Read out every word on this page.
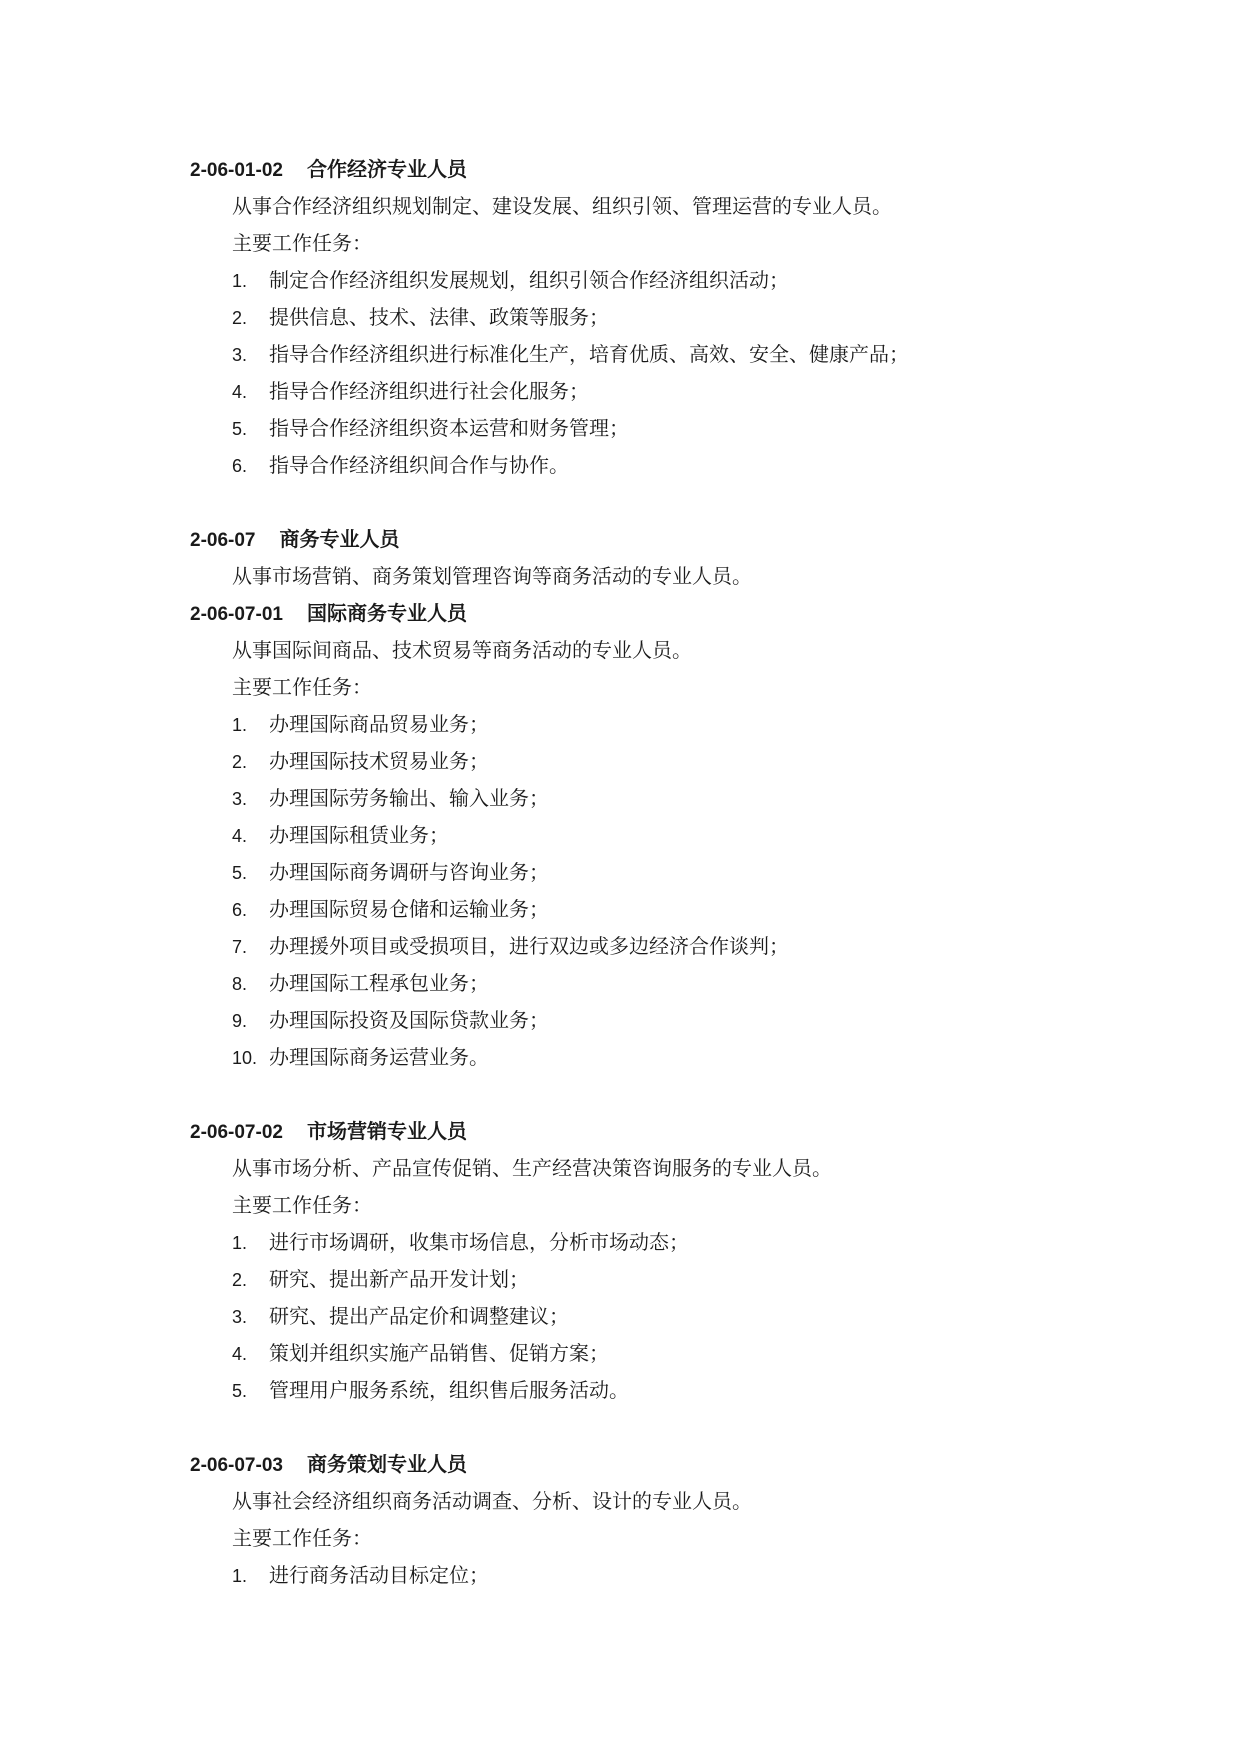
2-06-01-02 合作经济专业人员
从事合作经济组织规划制定、建设发展、组织引领、管理运营的专业人员。
主要工作任务：
1. 制定合作经济组织发展规划，组织引领合作经济组织活动；
2. 提供信息、技术、法律、政策等服务；
3. 指导合作经济组织进行标准化生产，培育优质、高效、安全、健康产品；
4. 指导合作经济组织进行社会化服务；
5. 指导合作经济组织资本运营和财务管理；
6. 指导合作经济组织间合作与协作。
2-06-07 商务专业人员
从事市场营销、商务策划管理咨询等商务活动的专业人员。
2-06-07-01 国际商务专业人员
从事国际间商品、技术贸易等商务活动的专业人员。
主要工作任务：
1. 办理国际商品贸易业务；
2. 办理国际技术贸易业务；
3. 办理国际劳务输出、输入业务；
4. 办理国际租赁业务；
5. 办理国际商务调研与咨询业务；
6. 办理国际贸易仓储和运输业务；
7. 办理援外项目或受损项目，进行双边或多边经济合作谈判；
8. 办理国际工程承包业务；
9. 办理国际投资及国际贷款业务；
10. 办理国际商务运营业务。
2-06-07-02 市场营销专业人员
从事市场分析、产品宣传促销、生产经营决策咨询服务的专业人员。
主要工作任务：
1. 进行市场调研，收集市场信息，分析市场动态；
2. 研究、提出新产品开发计划；
3. 研究、提出产品定价和调整建议；
4. 策划并组织实施产品销售、促销方案；
5. 管理用户服务系统，组织售后服务活动。
2-06-07-03 商务策划专业人员
从事社会经济组织商务活动调查、分析、设计的专业人员。
主要工作任务：
1. 进行商务活动目标定位；
